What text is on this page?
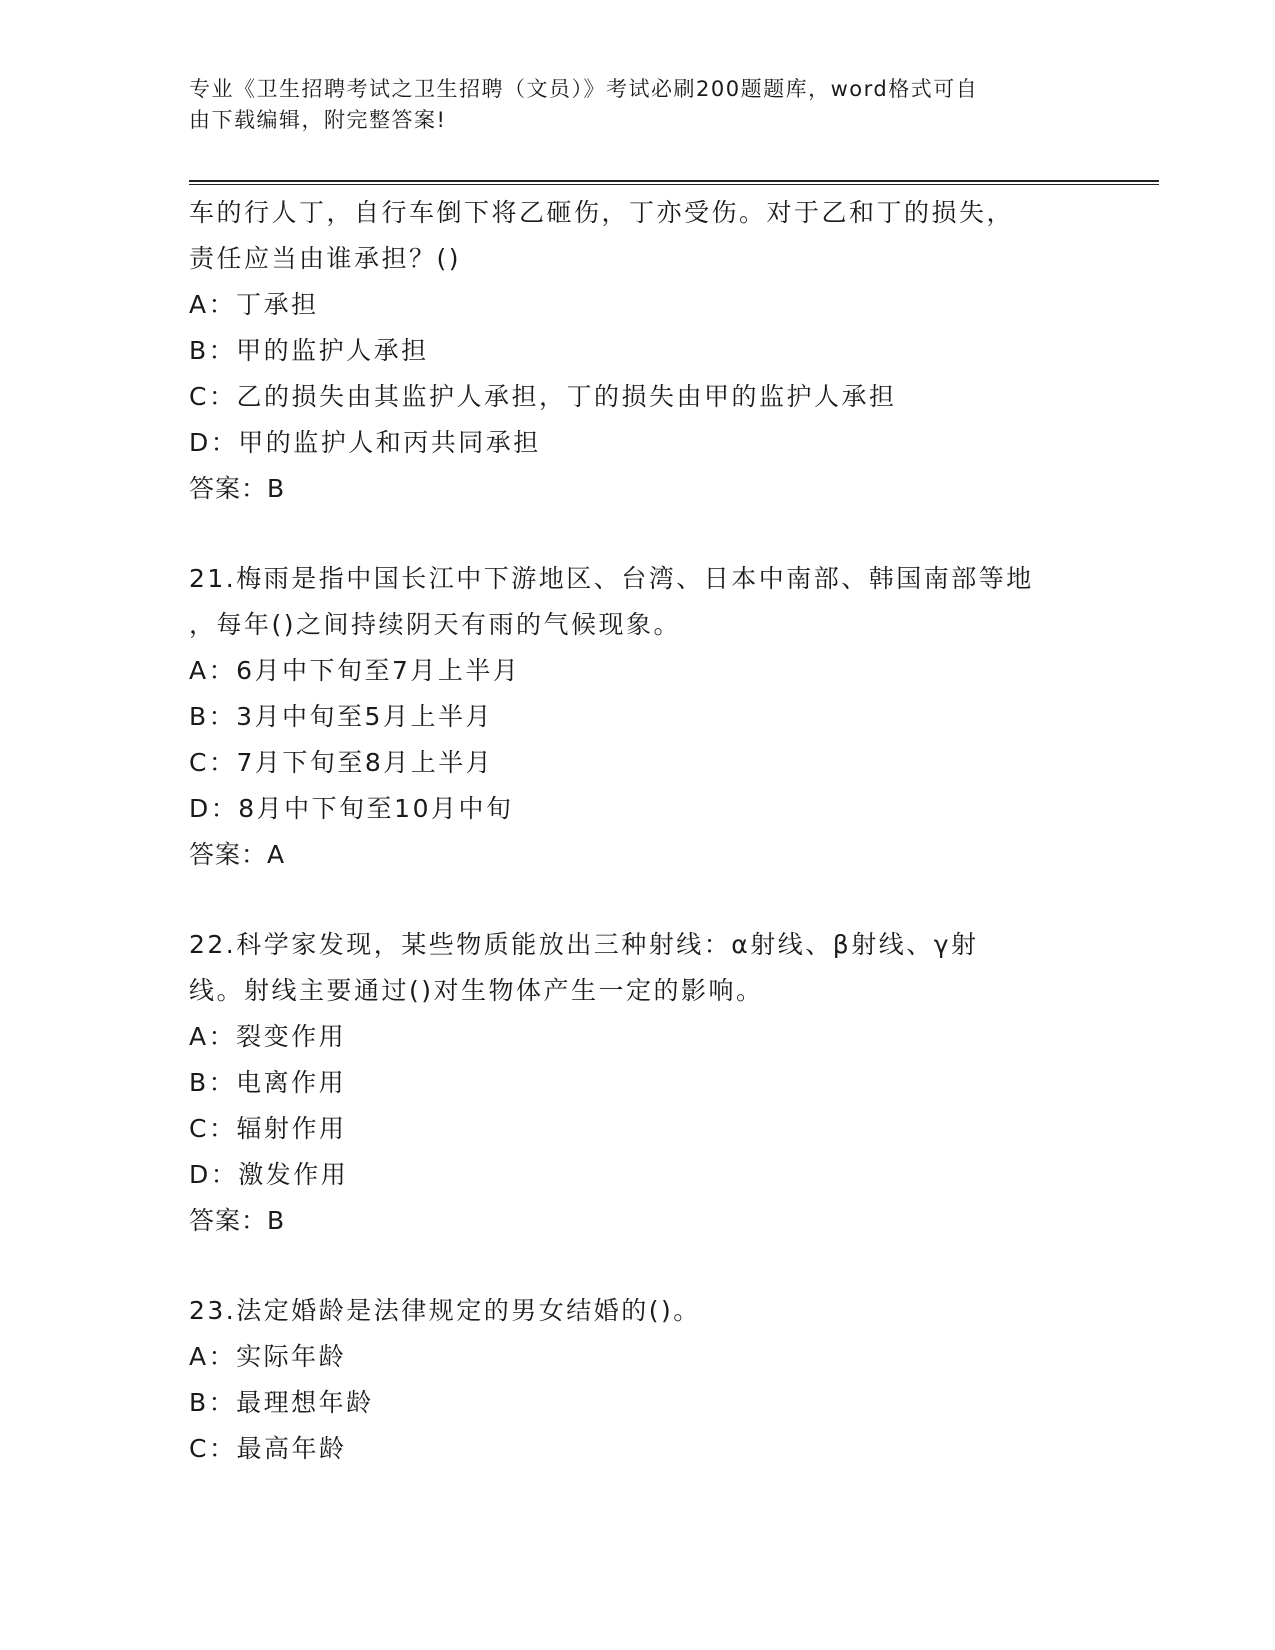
专业《卫生招聘考试之卫生招聘（文员）》考试必刷200题题库，word格式可自
由下载编辑，附完整答案!
车的行人丁，自行车倒下将乙砸伤，丁亦受伤。对于乙和丁的损失，
责任应当由谁承担？()
A：丁承担
B：甲的监护人承担
C：乙的损失由其监护人承担，丁的损失由甲的监护人承担
D：甲的监护人和丙共同承担
答案：B
21.梅雨是指中国长江中下游地区、台湾、日本中南部、韩国南部等地
，每年()之间持续阴天有雨的气候现象。
A：6月中下旬至7月上半月
B：3月中旬至5月上半月
C：7月下旬至8月上半月
D：8月中下旬至10月中旬
答案：A
22.科学家发现，某些物质能放出三种射线：α射线、β射线、γ射
线。射线主要通过()对生物体产生一定的影响。
A：裂变作用
B：电离作用
C：辐射作用
D：激发作用
答案：B
23.法定婚龄是法律规定的男女结婚的()。
A：实际年龄
B：最理想年龄
C：最高年龄
